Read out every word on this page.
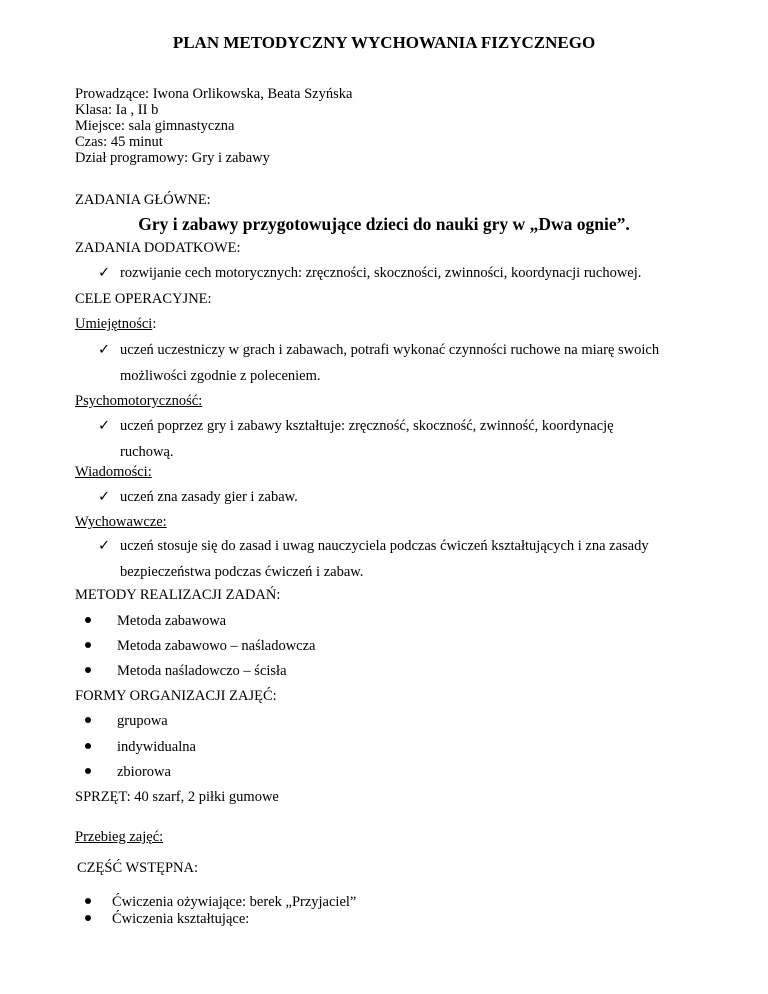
PLAN METODYCZNY WYCHOWANIA FIZYCZNEGO
Prowadzące: Iwona Orlikowska, Beata Szyńska
Klasa: Ia , II b
Miejsce: sala gimnastyczna
Czas: 45 minut
Dział programowy: Gry i zabawy
ZADANIA GŁÓWNE:
Gry i zabawy przygotowujące dzieci do nauki gry w „Dwa ognie”.
ZADANIA DODATKOWE:
✓ rozwijanie cech motorycznych: zręczności, skoczności, zwinności, koordynacji ruchowej.
CELE OPERACYJNE:
Umiejętności:
✓ uczeń uczestniczy w grach i zabawach, potrafi wykonać czynności ruchowe na miarę swoich
możliwości zgodnie z poleceniem.
Psychomotoryczność:
✓ uczeń poprzez gry i zabawy kształtuje: zręczność, skoczność, zwinność, koordynację
ruchową.
Wiadomości:
✓ uczeń zna zasady gier i zabaw.
Wychowawcze:
✓ uczeń stosuje się do zasad i uwag nauczyciela podczas ćwiczeń kształtujących i zna zasady
bezpieczeństwa podczas ćwiczeń i zabaw.
METODY REALIZACJI ZADAŃ:
Metoda zabawowa
Metoda zabawowo – naśladowcza
Metoda naśladowczo – ścisła
FORMY ORGANIZACJI ZAJĘĆ:
grupowa
indywidualna
zbiorowa
SPRZĘT: 40 szarf, 2 piłki gumowe
Przebieg zajęć:
CZĘŚĆ WSTĘPNA:
Ćwiczenia ożywiające: berek „Przyjaciel”
Ćwiczenia kształtujące:
